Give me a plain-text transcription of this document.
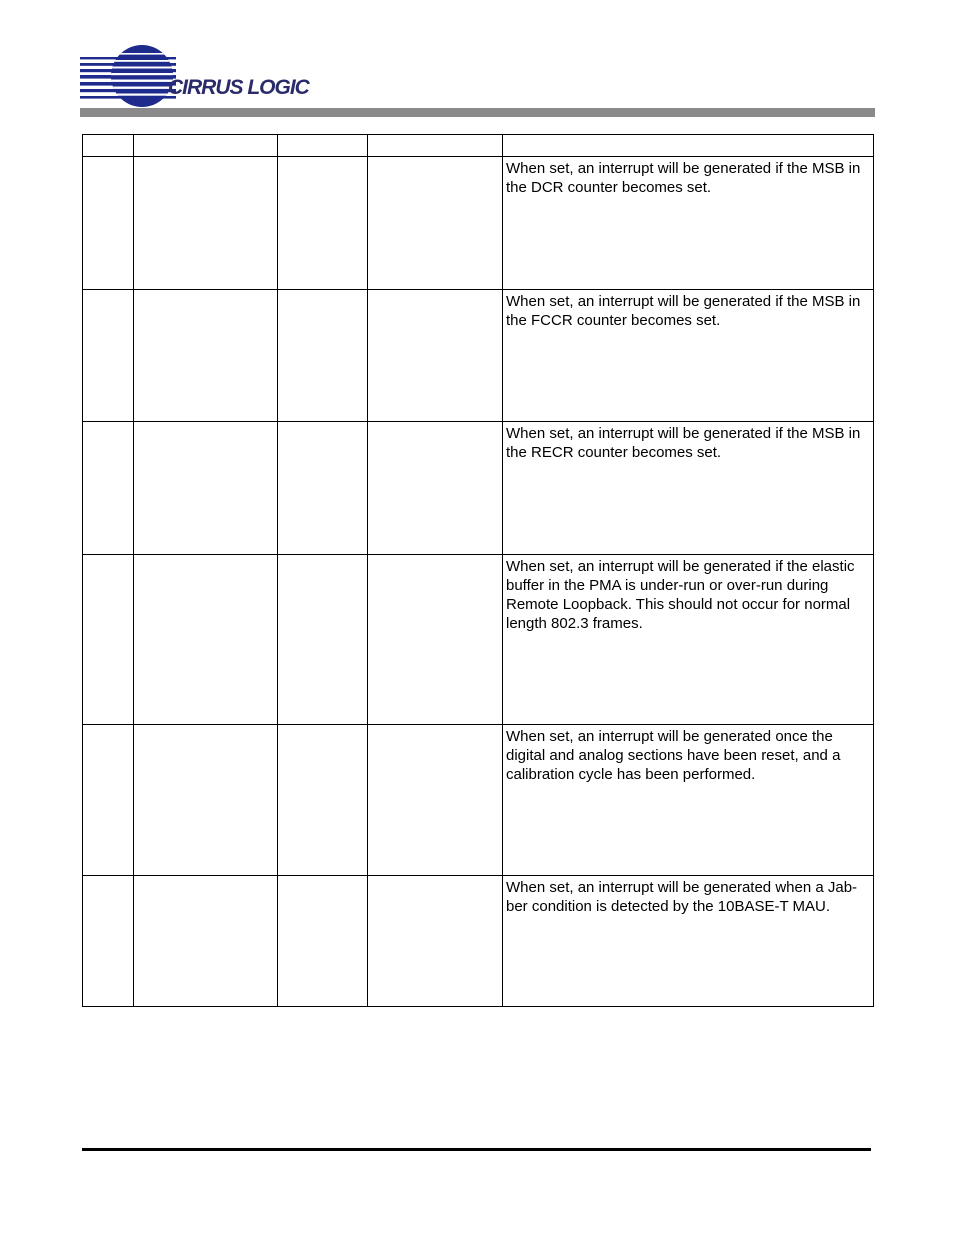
CIRRUS LOGIC

				When set, an interrupt will be generated if the MSB in the DCR counter becomes set.
				When set, an interrupt will be generated if the MSB in the FCCR counter becomes set.
				When set, an interrupt will be generated if the MSB in the RECR counter becomes set.
				When set, an interrupt will be generated if the elastic buffer in the PMA is under-run or over-run during Remote Loopback. This should not occur for normal length 802.3 frames.
				When set, an interrupt will be generated once the digital and analog sections have been reset, and a calibration cycle has been performed.
				When set, an interrupt will be generated when a Jab-ber condition is detected by the 10BASE-T MAU.
